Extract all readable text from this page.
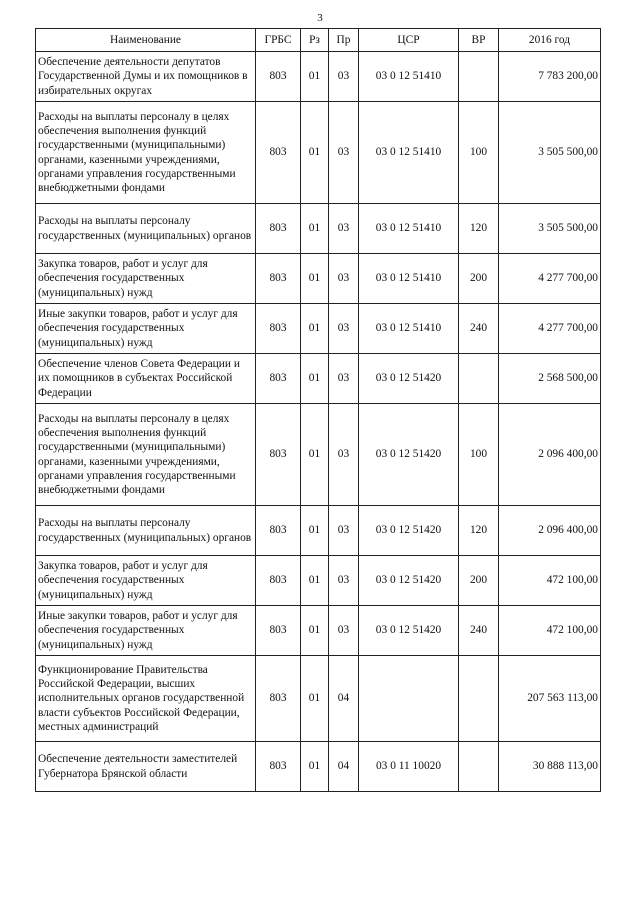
3
Наименование	ГРБС	Рз	Пр	ЦСР	ВР	2016 год
Обеспечение деятельности депутатов Государственной Думы и их помощников в избирательных округах	803	01	03	03 0 12 51410		7 783 200,00
Расходы на выплаты персоналу в целях обеспечения выполнения функций государственными (муниципальными) органами, казенными учреждениями, органами управления государственными внебюджетными фондами	803	01	03	03 0 12 51410	100	3 505 500,00
Расходы на выплаты персоналу государственных (муниципальных) органов	803	01	03	03 0 12 51410	120	3 505 500,00
Закупка товаров, работ и услуг для обеспечения государственных (муниципальных) нужд	803	01	03	03 0 12 51410	200	4 277 700,00
Иные закупки товаров, работ и услуг для обеспечения государственных (муниципальных) нужд	803	01	03	03 0 12 51410	240	4 277 700,00
Обеспечение членов Совета Федерации и их помощников в субъектах Российской Федерации	803	01	03	03 0 12 51420		2 568 500,00
Расходы на выплаты персоналу в целях обеспечения выполнения функций государственными (муниципальными) органами, казенными учреждениями, органами управления государственными внебюджетными фондами	803	01	03	03 0 12 51420	100	2 096 400,00
Расходы на выплаты персоналу государственных (муниципальных) органов	803	01	03	03 0 12 51420	120	2 096 400,00
Закупка товаров, работ и услуг для обеспечения государственных (муниципальных) нужд	803	01	03	03 0 12 51420	200	472 100,00
Иные закупки товаров, работ и услуг для обеспечения государственных (муниципальных) нужд	803	01	03	03 0 12 51420	240	472 100,00
Функционирование Правительства Российской Федерации, высших исполнительных органов государственной власти субъектов Российской Федерации, местных администраций	803	01	04			207 563 113,00
Обеспечение деятельности заместителей Губернатора Брянской области	803	01	04	03 0 11 10020		30 888 113,00
